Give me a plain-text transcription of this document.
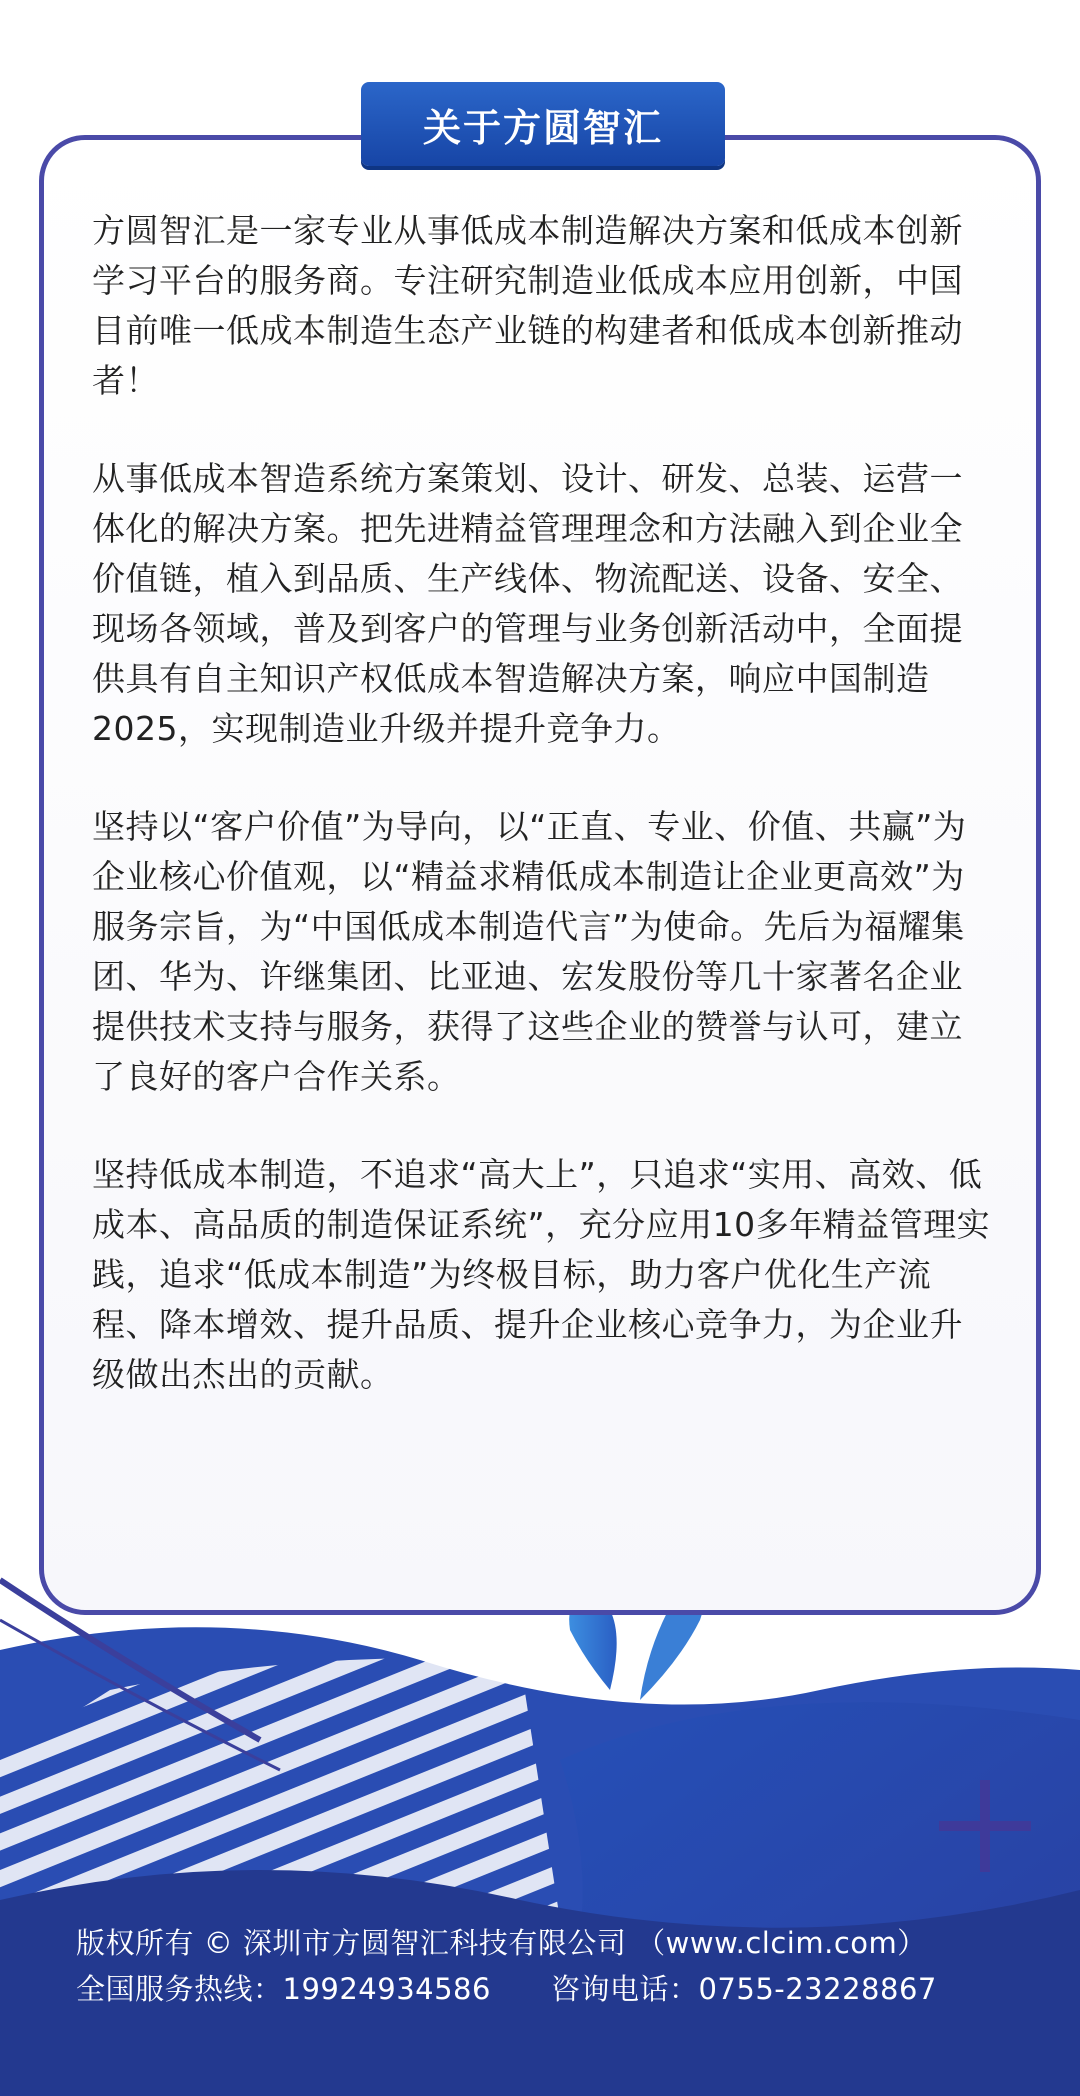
关于方圆智汇

方圆智汇是一家专业从事低成本制造解决方案和低成本创新学习平台的服务商。专注研究制造业低成本应用创新，中国目前唯一低成本制造生态产业链的构建者和低成本创新推动者！

从事低成本智造系统方案策划、设计、研发、总装、运营一体化的解决方案。把先进精益管理理念和方法融入到企业全价值链，植入到品质、生产线体、物流配送、设备、安全、现场各领域，普及到客户的管理与业务创新活动中，全面提供具有自主知识产权低成本智造解决方案，响应中国制造2025，实现制造业升级并提升竞争力。

坚持以“客户价值”为导向，以“正直、专业、价值、共赢”为企业核心价值观，以“精益求精低成本制造让企业更高效”为服务宗旨，为“中国低成本制造代言”为使命。先后为福耀集团、华为、许继集团、比亚迪、宏发股份等几十家著名企业提供技术支持与服务，获得了这些企业的赞誉与认可，建立了良好的客户合作关系。

坚持低成本制造，不追求“高大上”，只追求“实用、高效、低成本、高品质的制造保证系统”，充分应用10多年精益管理实践，追求“低成本制造”为终极目标，助力客户优化生产流程、降本增效、提升品质、提升企业核心竞争力，为企业升级做出杰出的贡献。

版权所有 © 深圳市方圆智汇科技有限公司 （www.clcim.com）
全国服务热线：19924934586 咨询电话：0755-23228867
